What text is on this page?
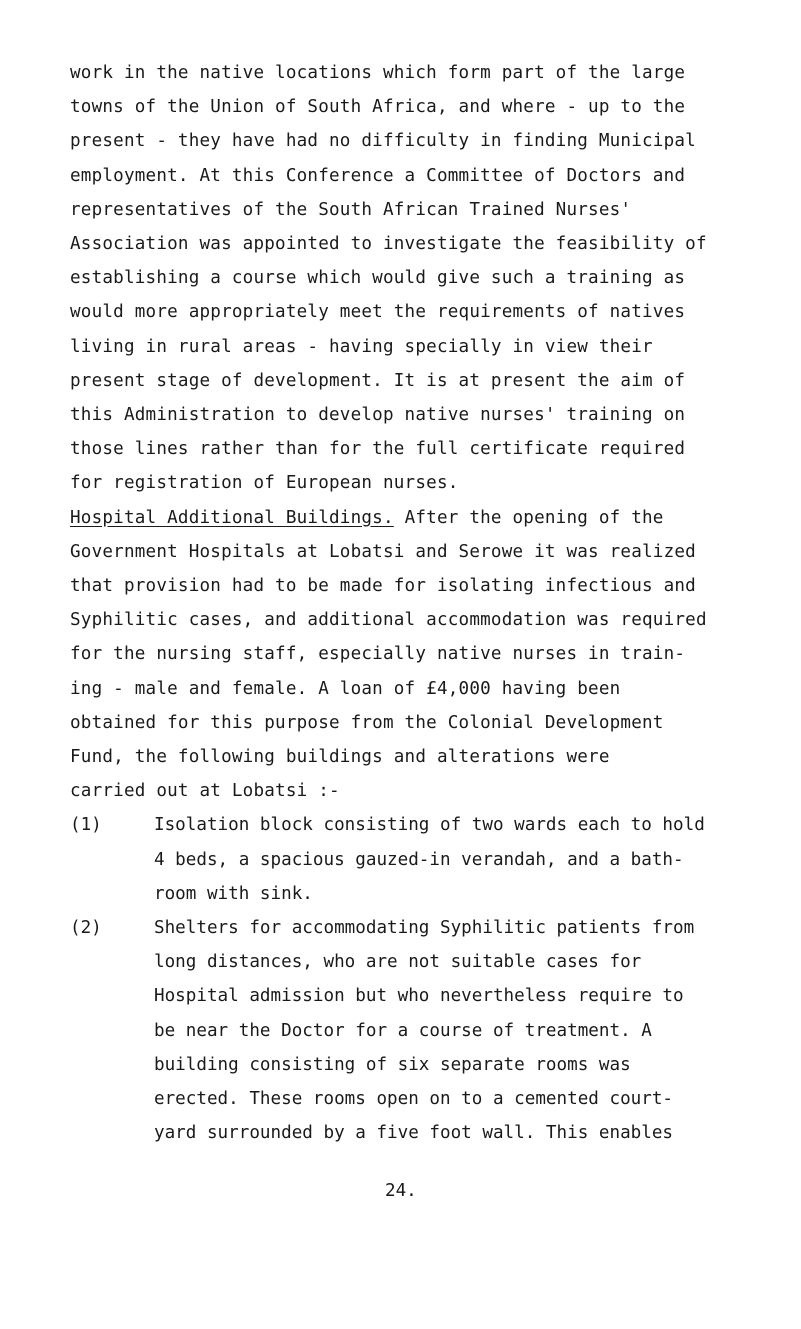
work in the native locations which form part of the large
towns of the Union of South Africa, and where - up to the
present - they have had no difficulty in finding Municipal
employment. At this Conference a Committee of Doctors and
representatives of the South African Trained Nurses'
Association was appointed to investigate the feasibility of
establishing a course which would give such a training as
would more appropriately meet the requirements of natives
living in rural areas - having specially in view their
present stage of development. It is at present the aim of
this Administration to develop native nurses' training on
those lines rather than for the full certificate required
for registration of European nurses.
Hospital Additional Buildings. After the opening of the
Government Hospitals at Lobatsi and Serowe it was realized
that provision had to be made for isolating infectious and
Syphilitic cases, and additional accommodation was required
for the nursing staff, especially native nurses in train-
ing - male and female. A loan of £4,000 having been
obtained for this purpose from the Colonial Development
Fund, the following buildings and alterations were
carried out at Lobatsi :-
(1)	Isolation block consisting of two wards each to hold
4 beds, a spacious gauzed-in verandah, and a bath-
room with sink.
(2)	Shelters for accommodating Syphilitic patients from
long distances, who are not suitable cases for
Hospital admission but who nevertheless require to
be near the Doctor for a course of treatment. A
building consisting of six separate rooms was
erected. These rooms open on to a cemented court-
yard surrounded by a five foot wall. This enables
24.
